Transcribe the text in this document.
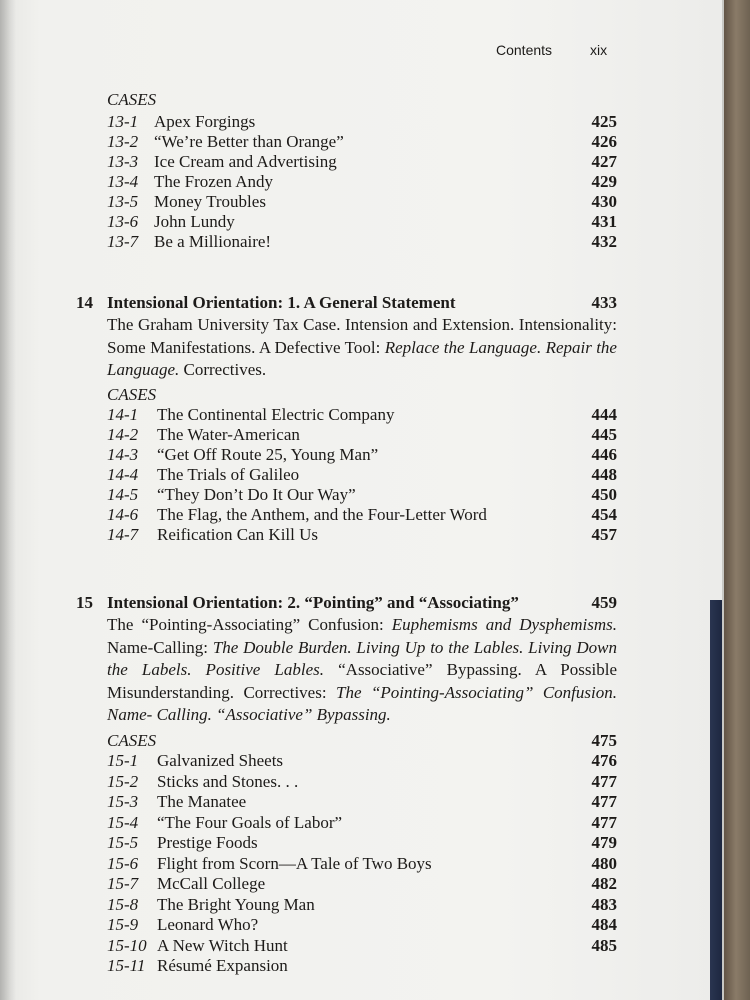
Contents	xix
CASES
13-1 Apex Forgings	425
13-2 “We’re Better than Orange”	426
13-3 Ice Cream and Advertising	427
13-4 The Frozen Andy	429
13-5 Money Troubles	430
13-6 John Lundy	431
13-7 Be a Millionaire!	432
14 Intensional Orientation: 1. A General Statement	433
The Graham University Tax Case. Intension and Extension. Intensionality: Some Manifestations. A Defective Tool: Replace the Language. Repair the Language. Correctives.
CASES
14-1 The Continental Electric Company	444
14-2 The Water-American	445
14-3 “Get Off Route 25, Young Man”	446
14-4 The Trials of Galileo	448
14-5 “They Don’t Do It Our Way”	450
14-6 The Flag, the Anthem, and the Four-Letter Word	454
14-7 Reification Can Kill Us	457
15 Intensional Orientation: 2. “Pointing” and “Associating”	459
The “Pointing-Associating” Confusion: Euphemisms and Dysphemisms. Name-Calling: The Double Burden. Living Up to the Lables. Living Down the Labels. Positive Lables. “Associative” Bypassing. A Possible Misunderstanding. Correctives: The “Pointing-Associating” Confusion. Name- Calling. “Associative” Bypassing.
CASES	475
15-1 Galvanized Sheets	476
15-2 Sticks and Stones. . .	477
15-3 The Manatee	477
15-4 “The Four Goals of Labor”	477
15-5 Prestige Foods	479
15-6 Flight from Scorn—A Tale of Two Boys	480
15-7 McCall College	482
15-8 The Bright Young Man	483
15-9 Leonard Who?	484
15-10 A New Witch Hunt	485
15-11 Résumé Expansion
